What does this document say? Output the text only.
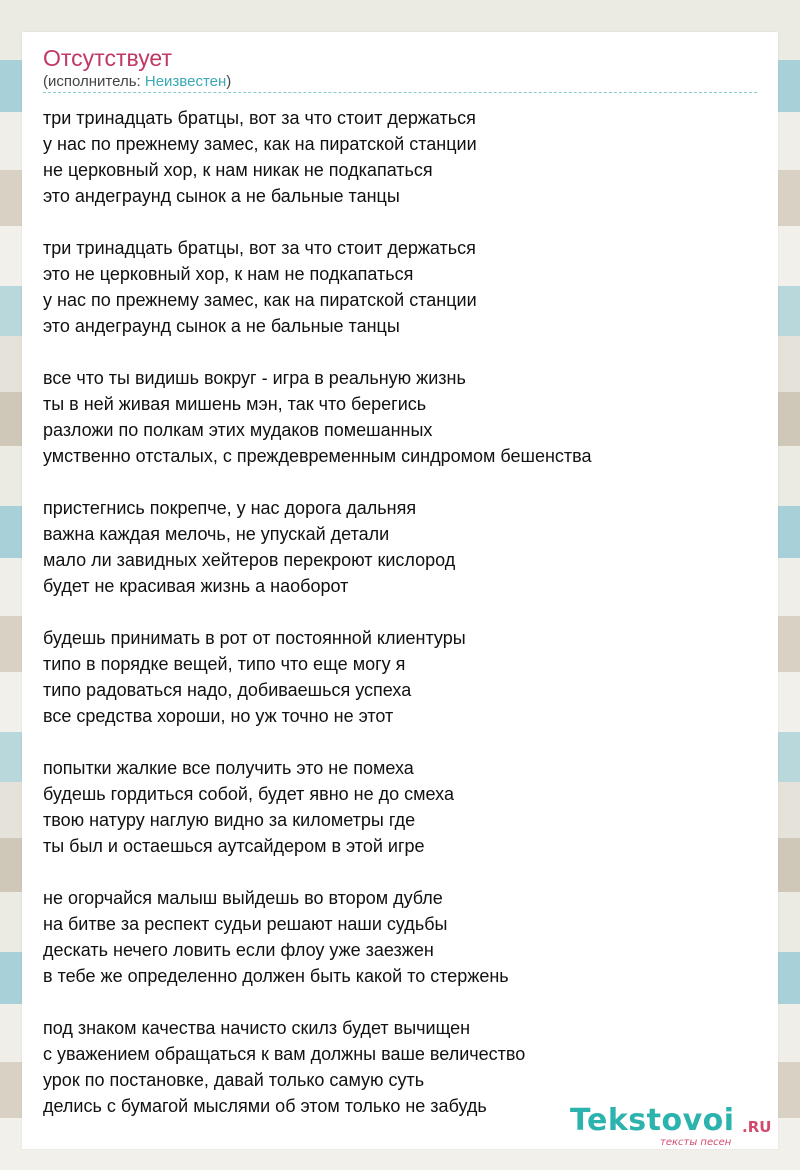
Отсутствует
(исполнитель: Неизвестен)
три тринадцать братцы, вот за что стоит держаться
у нас по прежнему замес, как на пиратской станции
не церковный хор, к нам никак не подкапаться
это андеграунд сынок а не бальные танцы
три тринадцать братцы, вот за что стоит держаться
это не церковный хор, к нам не подкапаться
у нас по прежнему замес, как на пиратской станции
это андеграунд сынок а не бальные танцы
все что ты видишь вокруг - игра в реальную жизнь
ты в ней живая мишень мэн, так что берегись
разложи по полкам этих мудаков помешанных
умственно отсталых, с преждевременным синдромом бешенства
пристегнись покрепче, у нас дорога дальняя
важна каждая мелочь, не упускай детали
мало ли завидных хейтеров перекроют кислород
будет не красивая жизнь а наоборот
будешь принимать в рот от постоянной клиентуры
типо в порядке вещей, типо что еще могу я
типо радоваться надо, добиваешься успеха
все средства хороши, но уж точно не этот
попытки жалкие все получить это не помеха
будешь гордиться собой, будет явно не до смеха
твою натуру наглую видно за километры где
ты был и остаешься аутсайдером в этой игре
не огорчайся малыш выйдешь во втором дубле
на битве за респект судьи решают наши судьбы
дескать нечего ловить если флоу уже заезжен
в тебе же определенно должен быть какой то стержень
под знаком качества начисто скилз будет вычищен
с уважением обращаться к вам должны ваше величество
урок по постановке, давай только самую суть
делись с бумагой мыслями об этом только не забудь	Tekstovoi .RU
тексты песен
